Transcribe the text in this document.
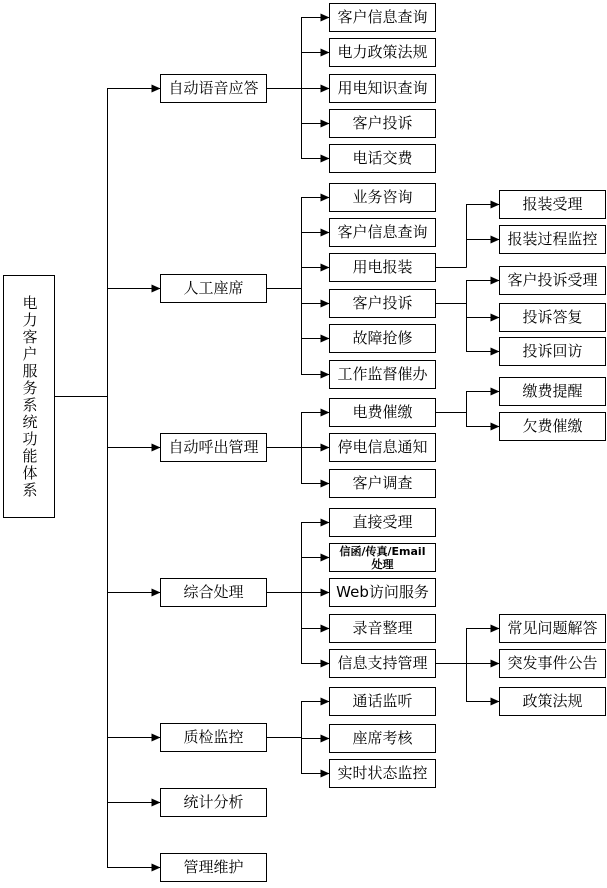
电力客户服务系统功能体系
自动语音应答
人工座席
自动呼出管理
综合处理
质检监控
统计分析
管理维护
客户信息查询
电力政策法规
用电知识查询
客户投诉
电话交费
业务咨询
客户信息查询
用电报装
客户投诉
故障抢修
工作监督催办
电费催缴
停电信息通知
客户调查
直接受理
信函/传真/Email
处理
Web访问服务
录音整理
信息支持管理
通话监听
座席考核
实时状态监控
报装受理
报装过程监控
客户投诉受理
投诉答复
投诉回访
缴费提醒
欠费催缴
常见问题解答
突发事件公告
政策法规
